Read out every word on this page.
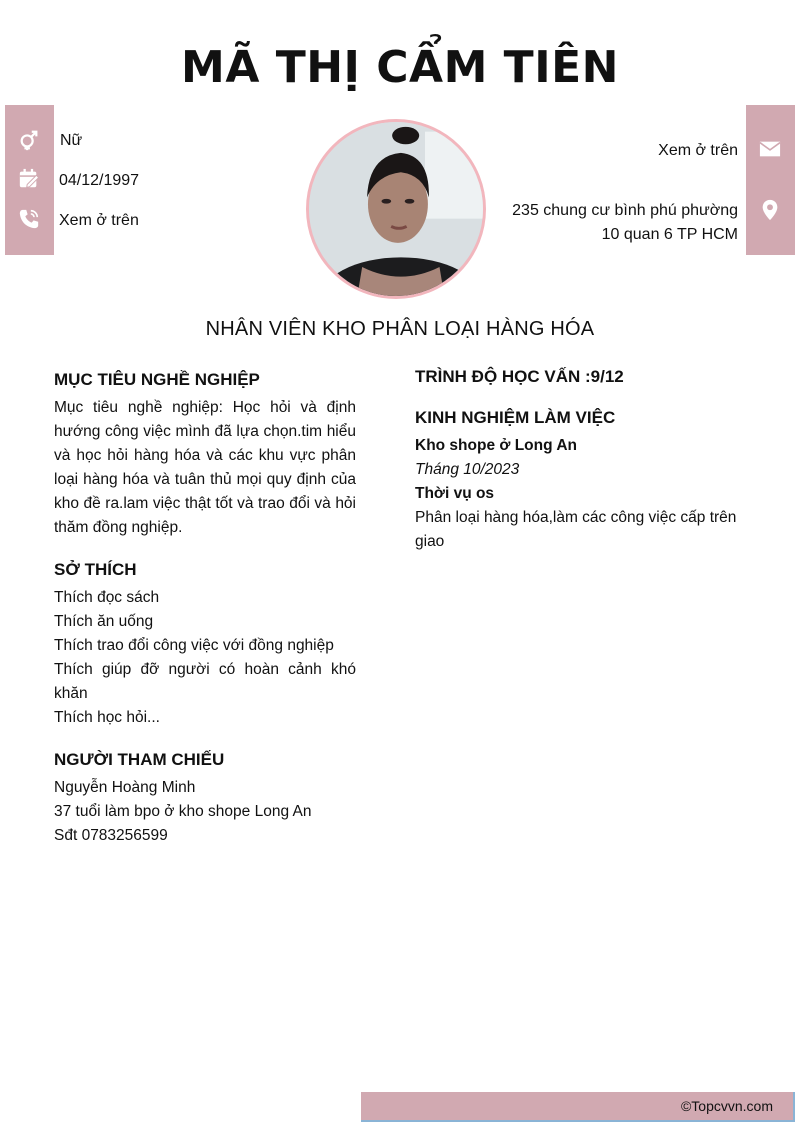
MÃ THỊ CẨM TIÊN
Nữ
04/12/1997
Xem ở trên
Xem ở trên
235 chung cư bình phú phường 10 quan 6 TP HCM
NHÂN VIÊN KHO PHÂN LOẠI HÀNG HÓA
MỤC TIÊU NGHỀ NGHIỆP
Mục tiêu nghề nghiệp: Học hỏi và định hướng công việc mình đã lựa chọn.tim hiểu và học hỏi hàng hóa và các khu vực phân loại hàng hóa và tuân thủ mọi quy định của kho đề ra.lam việc thật tốt và trao đổi và hỏi thăm đồng nghiệp.
SỞ THÍCH
Thích đọc sách
Thích ăn uống
Thích trao đổi công việc với đồng nghiệp
Thích giúp đỡ người có hoàn cảnh khó khăn
Thích học hỏi...
NGƯỜI THAM CHIẾU
Nguyễn Hoàng Minh
37 tuổi làm bpo ở kho shope Long An
Sđt 0783256599
TRÌNH ĐỘ HỌC VẤN :9/12
KINH NGHIỆM LÀM VIỆC
Kho shope ở Long An
Tháng 10/2023
Thời vụ os
Phân loại hàng hóa,làm các công việc cấp trên giao
©Topcvvn.com
